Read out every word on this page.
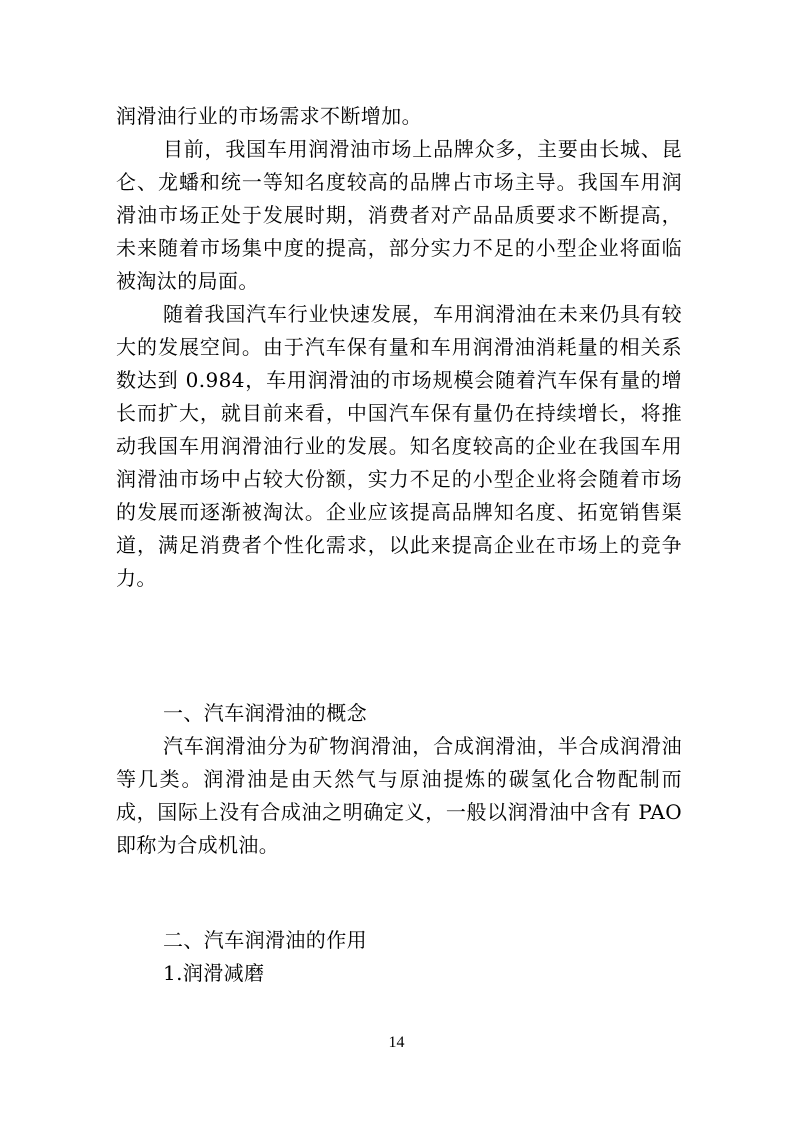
润滑油行业的市场需求不断增加。

目前，我国车用润滑油市场上品牌众多，主要由长城、昆仑、龙蟠和统一等知名度较高的品牌占市场主导。我国车用润滑油市场正处于发展时期，消费者对产品品质要求不断提高，未来随着市场集中度的提高，部分实力不足的小型企业将面临被淘汰的局面。

随着我国汽车行业快速发展，车用润滑油在未来仍具有较大的发展空间。由于汽车保有量和车用润滑油消耗量的相关系数达到 0.984，车用润滑油的市场规模会随着汽车保有量的增长而扩大，就目前来看，中国汽车保有量仍在持续增长，将推动我国车用润滑油行业的发展。知名度较高的企业在我国车用润滑油市场中占较大份额，实力不足的小型企业将会随着市场的发展而逐渐被淘汰。企业应该提高品牌知名度、拓宽销售渠道，满足消费者个性化需求，以此来提高企业在市场上的竞争力。

一、汽车润滑油的概念

汽车润滑油分为矿物润滑油，合成润滑油，半合成润滑油等几类。润滑油是由天然气与原油提炼的碳氢化合物配制而成，国际上没有合成油之明确定义，一般以润滑油中含有 PAO 即称为合成机油。

二、汽车润滑油的作用

1.润滑减磨

14
